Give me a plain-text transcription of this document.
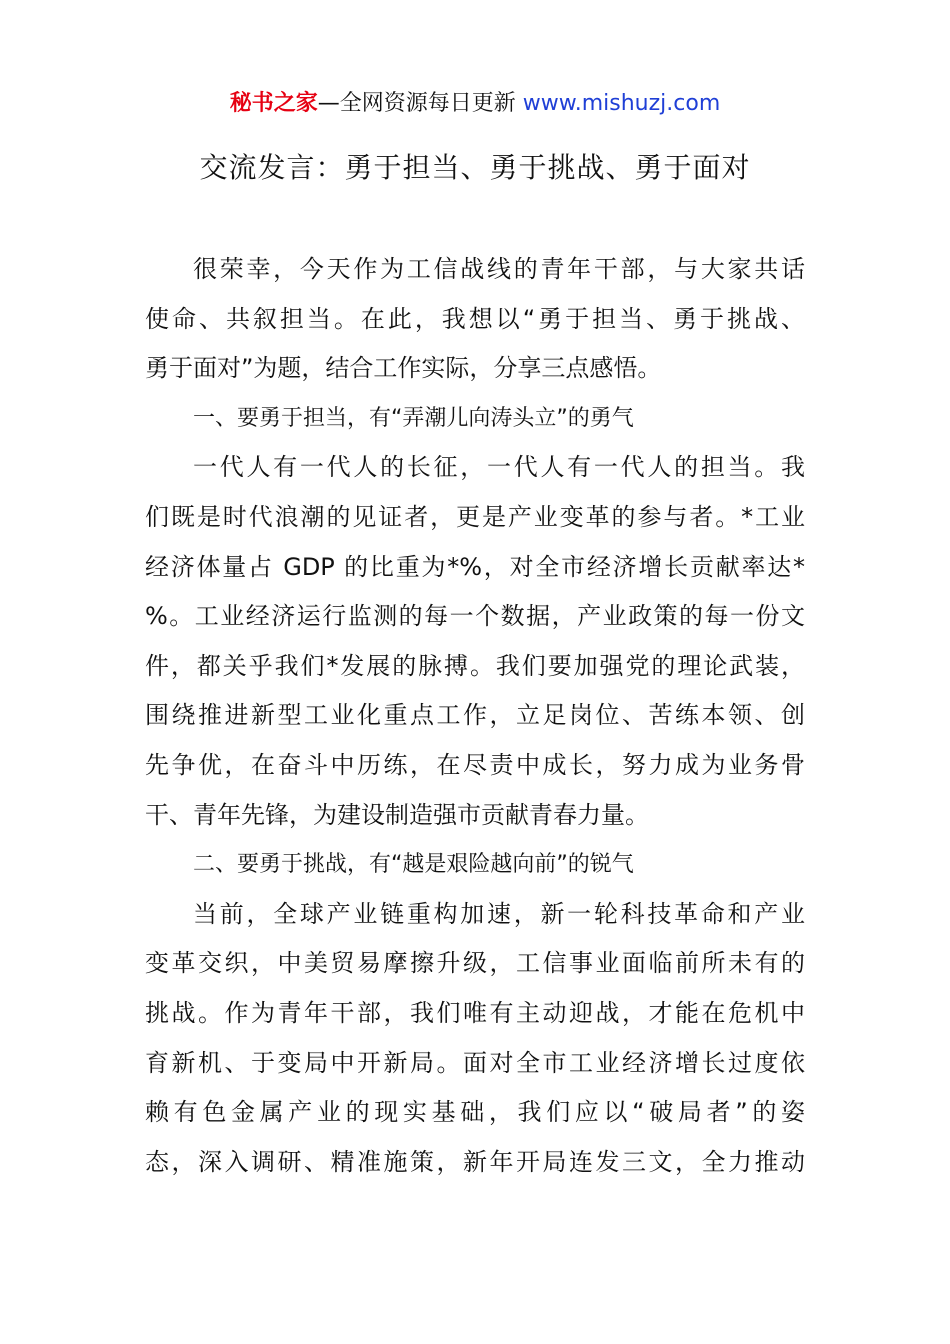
秘书之家—全网资源每日更新 www.mishuzj.com
交流发言：勇于担当、勇于挑战、勇于面对
很荣幸，今天作为工信战线的青年干部，与大家共话
使命、共叙担当。在此，我想以“勇于担当、勇于挑战、
勇于面对”为题，结合工作实际，分享三点感悟。
一、要勇于担当，有“弄潮儿向涛头立”的勇气
一代人有一代人的长征，一代人有一代人的担当。我
们既是时代浪潮的见证者，更是产业变革的参与者。*工业
经济体量占 GDP 的比重为*%，对全市经济增长贡献率达*
%。工业经济运行监测的每一个数据，产业政策的每一份文
件，都关乎我们*发展的脉搏。我们要加强党的理论武装，
围绕推进新型工业化重点工作，立足岗位、苦练本领、创
先争优，在奋斗中历练，在尽责中成长，努力成为业务骨
干、青年先锋，为建设制造强市贡献青春力量。
二、要勇于挑战，有“越是艰险越向前”的锐气
当前，全球产业链重构加速，新一轮科技革命和产业
变革交织，中美贸易摩擦升级，工信事业面临前所未有的
挑战。作为青年干部，我们唯有主动迎战，才能在危机中
育新机、于变局中开新局。面对全市工业经济增长过度依
赖有色金属产业的现实基础，我们应以“破局者”的姿
态，深入调研、精准施策，新年开局连发三文，全力推动
